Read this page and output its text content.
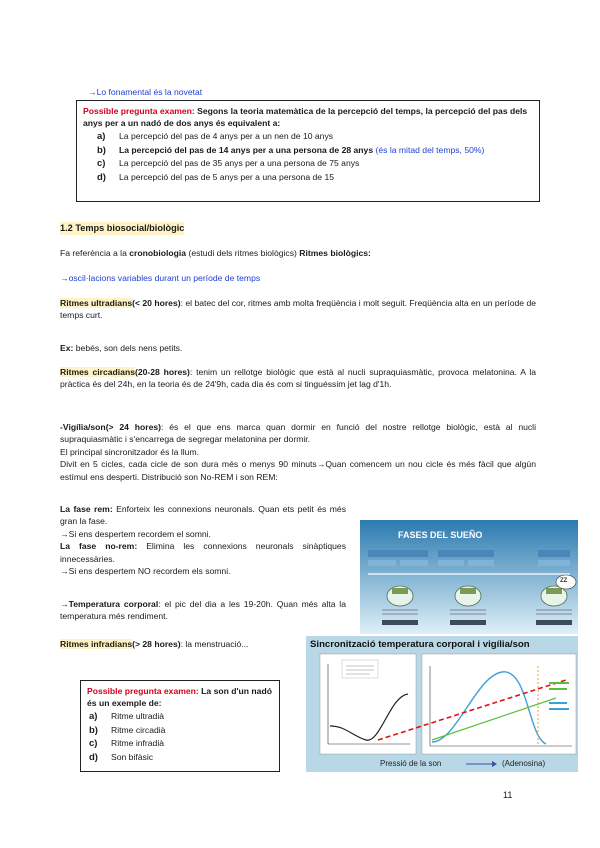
→Lo fonamental és la novetat

Possible pregunta examen: Segons la teoria matemàtica de la percepció del temps, la percepció del pas dels anys per a un nadó de dos anys és equivalent a:

a)	La percepció del pas de 4 anys per a un nen de 10 anys
b)	La percepció del pas de 14 anys per a una persona de 28 anys
(és la mitad del temps, 50%)
c)	La percepció del pas de 35 anys per a una persona de 75 anys
d)	La percepció del pas de 5 anys per a una persona de 15

1.2 Temps biosocial/biològic

Fa referència a la cronobiologia (estudi dels ritmes biològics) Ritmes biològics:

→oscil·lacions variables durant un període de temps

Ritmes ultradians(< 20 hores): el batec del cor, ritmes amb molta freqüència i molt seguit. Freqüència alta en un període de temps curt.

Ex: bebés, son dels nens petits.

Ritmes circadians(20-28 hores): tenim un rellotge biològic que està al nucli supraquiasmàtic, provoca melatonina. A la pràctica és del 24h, en la teoria és de 24'9h, cada dia és com si tinguéssim jet lag d'1h.

-Vigília/son(> 24 hores): és el que ens marca quan dormir en funció del nostre rellotge biològic, està al nucli supraquiasmàtic i s'encarrega de segregar melatonina per dormir.

El principal sincronitzador és la llum.

Divit en 5 cicles, cada cicle de son dura més o menys 90 minuts→Quan comencem un nou cicle és més fàcil que algún estímul ens desperti. Distribució son No-REM i son REM:

La fase rem: Enforteix les connexions neuronals. Quan ets petit és més gran la fase.

→Si ens despertem recordem el somni.

La fase no-rem: Elimina les connexions neuronals sinàptiques innecessàries.

→Si ens despertem NO recordem els somni.

→Temperatura corporal: el pic del dia a les 19-20h. Quan més alta la temperatura més rendiment.

Ritmes infradians(> 28 hores): la menstruació...

Possible pregunta examen: La son d'un nadó és un exemple de:

a)	Ritme ultradià
b)	Ritme circadià
c)	Ritme infradià
d)	Son bifàsic
FASES DEL SUEÑO
ZZ
Sincronització temperatura corporal i vigília/son
Pressió de la son	(Adenosina)

11
